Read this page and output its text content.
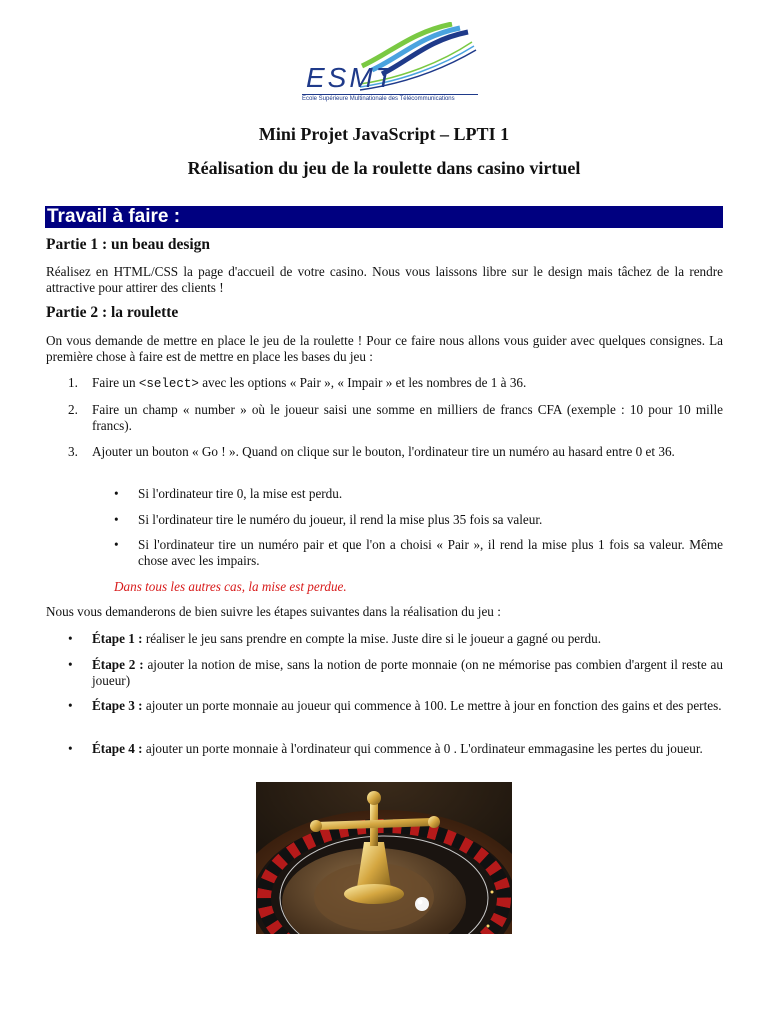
ESMT
Ecole Supérieure Multinationale des Télécommunications
Mini Projet JavaScript – LPTI 1
Réalisation du jeu de la roulette dans casino virtuel
Travail à faire :
Partie 1 : un beau design
Réalisez en HTML/CSS la page d'accueil de votre casino. Nous vous laissons libre sur le design mais tâchez de la rendre attractive pour attirer des clients !
Partie 2 : la roulette
On vous demande de mettre en place le jeu de la roulette ! Pour ce faire nous allons vous guider avec quelques consignes. La première chose à faire est de mettre en place les bases du jeu :
1. Faire un <select> avec les options « Pair », « Impair » et les nombres de 1 à 36.
2. Faire un champ « number » où le joueur saisi une somme en milliers de francs CFA (exemple : 10 pour 10 mille francs).
3. Ajouter un bouton « Go ! ». Quand on clique sur le bouton, l'ordinateur tire un numéro au hasard entre 0 et 36.
• Si l'ordinateur tire 0, la mise est perdu.
• Si l'ordinateur tire le numéro du joueur, il rend la mise plus 35 fois sa valeur.
• Si l'ordinateur tire un numéro pair et que l'on a choisi « Pair », il rend la mise plus 1 fois sa valeur. Même chose avec les impairs.
Dans tous les autres cas, la mise est perdue.
Nous vous demanderons de bien suivre les étapes suivantes dans la réalisation du jeu :
• Étape 1 : réaliser le jeu sans prendre en compte la mise. Juste dire si le joueur a gagné ou perdu.
• Étape 2 : ajouter la notion de mise, sans la notion de porte monnaie (on ne mémorise pas combien d'argent il reste au joueur)
• Étape 3 : ajouter un porte monnaie au joueur qui commence à 100. Le mettre à jour en fonction des gains et des pertes.
• Étape 4 : ajouter un porte monnaie à l'ordinateur qui commence à 0 . L'ordinateur emmagasine les pertes du joueur.
